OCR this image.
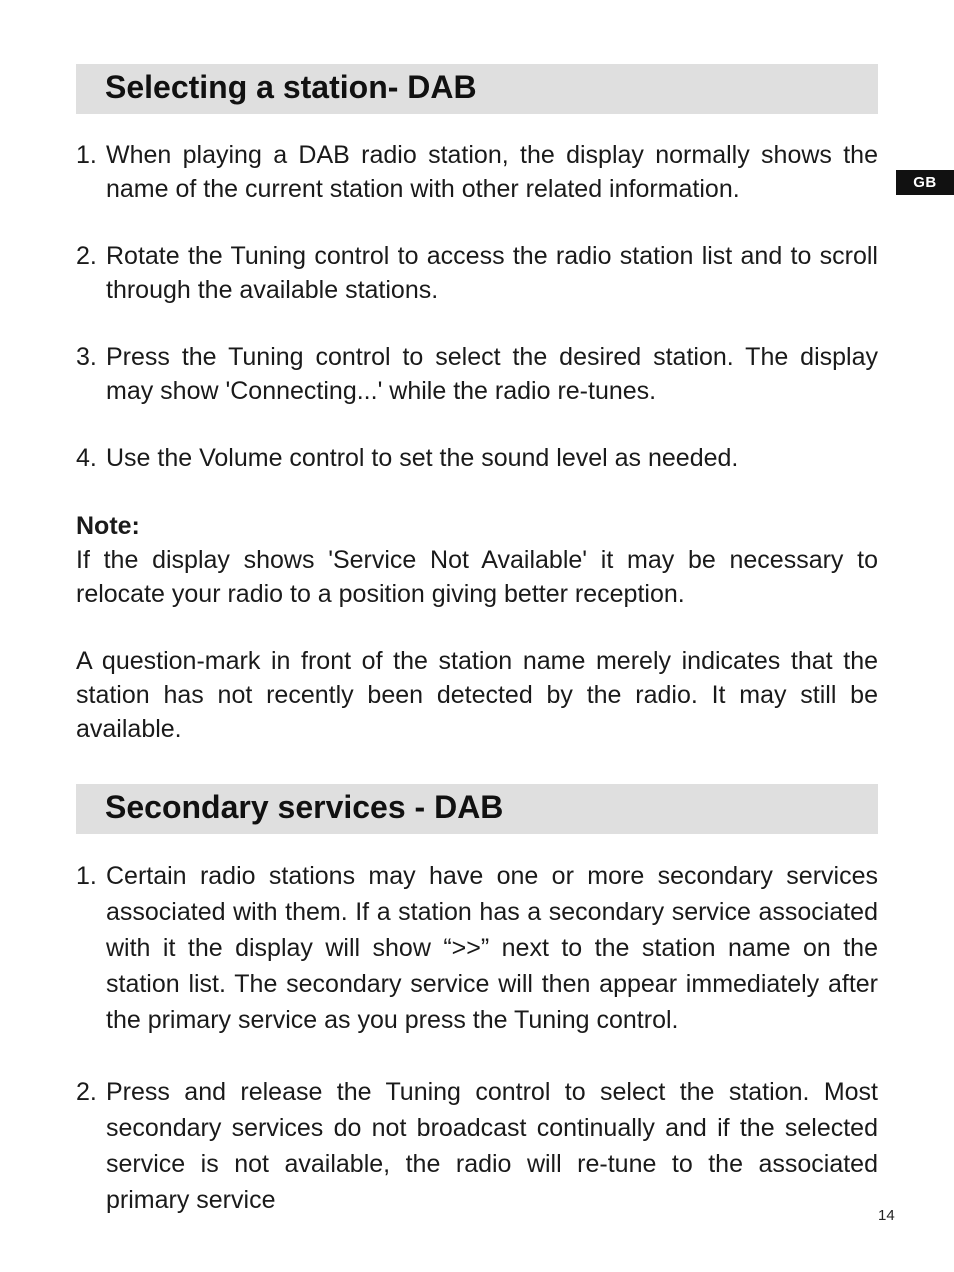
GB
Selecting a station- DAB
1. When playing a DAB radio station, the display normally shows the name of the current station with other related information.
2. Rotate the Tuning control to access the radio station list and to scroll through the available stations.
3. Press the Tuning control to select the desired station. The display may show 'Connecting...' while the radio re-tunes.
4. Use the Volume control to set the sound level as needed.
Note:
If the display shows 'Service Not Available' it may be necessary to relocate your radio to a position giving better reception.
A question-mark in front of the station name merely indicates that the station has not recently been detected by the radio. It may still be available.
Secondary services - DAB
1. Certain radio stations may have one or more secondary services associated with them. If a station has a secondary service associated with it the display will show “>>” next to the station name on the station list. The secondary service will then appear immediately after the primary service as you press the Tuning control.
2. Press and release the Tuning control to select the station. Most secondary services do not broadcast continually and if the selected service is not available, the radio will re-tune to the associated primary service
14
